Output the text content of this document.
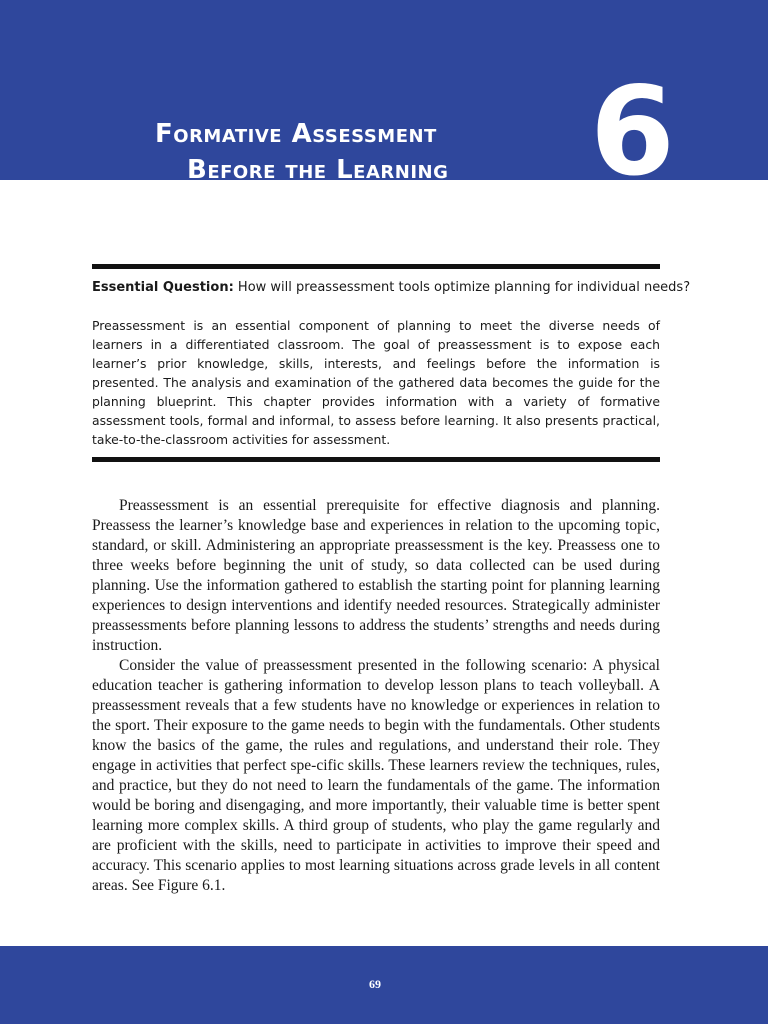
Formative Assessment
Before the Learning 6
Essential Question: How will preassessment tools optimize planning for individual needs?
Preassessment is an essential component of planning to meet the diverse needs of learners in a differentiated classroom. The goal of preassessment is to expose each learner’s prior knowledge, skills, interests, and feelings before the information is presented. The analysis and examination of the gathered data becomes the guide for the planning blueprint. This chapter provides information with a variety of formative assessment tools, formal and informal, to assess before learning. It also presents practical, take-to-the-classroom activities for assessment.

Preassessment is an essential prerequisite for effective diagnosis and planning. Preassess the learner’s knowledge base and experiences in relation to the upcoming topic, standard, or skill. Administering an appropriate preassessment is the key. Preassess one to three weeks before beginning the unit of study, so data collected can be used during planning. Use the information gathered to establish the starting point for planning learning experiences to design interventions and identify needed resources. Strategically administer preassessments before planning lessons to address the students’ strengths and needs during instruction.

Consider the value of preassessment presented in the following scenario: A physical education teacher is gathering information to develop lesson plans to teach volleyball. A preassessment reveals that a few students have no knowledge or experiences in relation to the sport. Their exposure to the game needs to begin with the fundamentals. Other students know the basics of the game, the rules and regulations, and understand their role. They engage in activities that perfect spe-cific skills. These learners review the techniques, rules, and practice, but they do not need to learn the fundamentals of the game. The information would be boring and disengaging, and more importantly, their valuable time is better spent learning more complex skills. A third group of students, who play the game regularly and are proficient with the skills, need to participate in activities to improve their speed and accuracy. This scenario applies to most learning situations across grade levels in all content areas. See Figure 6.1.

69
